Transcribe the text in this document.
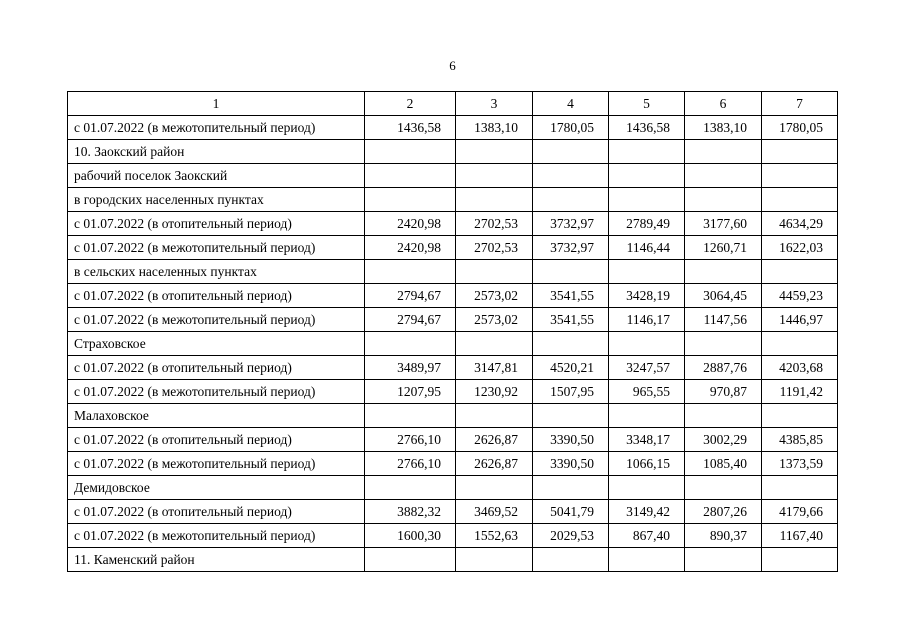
6
1	2	3	4	5	6	7
с 01.07.2022 (в межотопительный период)	1436,58	1383,10	1780,05	1436,58	1383,10	1780,05
10. Заокский район						
рабочий поселок Заокский						
в городских населенных пунктах						
с 01.07.2022 (в отопительный период)	2420,98	2702,53	3732,97	2789,49	3177,60	4634,29
с 01.07.2022 (в межотопительный период)	2420,98	2702,53	3732,97	1146,44	1260,71	1622,03
в сельских населенных пунктах						
с 01.07.2022 (в отопительный период)	2794,67	2573,02	3541,55	3428,19	3064,45	4459,23
с 01.07.2022 (в межотопительный период)	2794,67	2573,02	3541,55	1146,17	1147,56	1446,97
Страховское						
с 01.07.2022 (в отопительный период)	3489,97	3147,81	4520,21	3247,57	2887,76	4203,68
с 01.07.2022 (в межотопительный период)	1207,95	1230,92	1507,95	965,55	970,87	1191,42
Малаховское						
с 01.07.2022 (в отопительный период)	2766,10	2626,87	3390,50	3348,17	3002,29	4385,85
с 01.07.2022 (в межотопительный период)	2766,10	2626,87	3390,50	1066,15	1085,40	1373,59
Демидовское						
с 01.07.2022 (в отопительный период)	3882,32	3469,52	5041,79	3149,42	2807,26	4179,66
с 01.07.2022 (в межотопительный период)	1600,30	1552,63	2029,53	867,40	890,37	1167,40
11. Каменский район						
